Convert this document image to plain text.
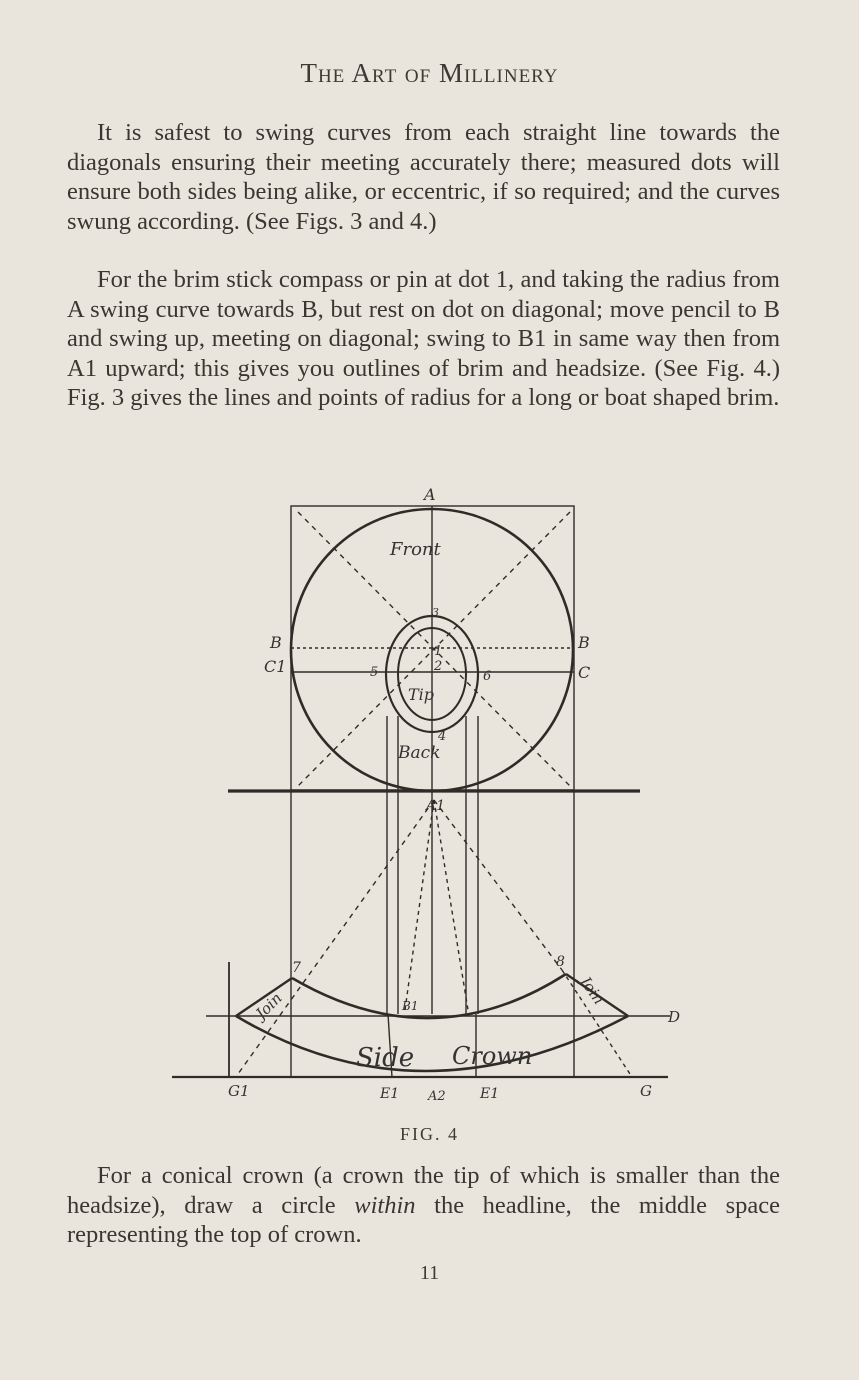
The Art of Millinery

It is safest to swing curves from each straight line towards the diagonals ensuring their meeting accurately there; measured dots will ensure both sides being alike, or eccentric, if so required; and the curves swung according. (See Figs. 3 and 4.)

For the brim stick compass or pin at dot 1, and taking the radius from A swing curve towards B, but rest on dot on diagonal; move pencil to B and swing up, meeting on diagonal; swing to B1 in same way then from A1 upward; this gives you outlines of brim and headsize. (See Fig. 4.) Fig. 3 gives the lines and points of radius for a long or boat shaped brim.

A
Front
Tip
Back
B
C1
B
C
3
1
2
4
5	6
A1
7	8
Join	Join
Side Crown
B1
D
G1	G
E1 A2 E1
FIG. 4

For a conical crown (a crown the tip of which is smaller than the headsize), draw a circle within the headline, the middle space representing the top of crown.

11
